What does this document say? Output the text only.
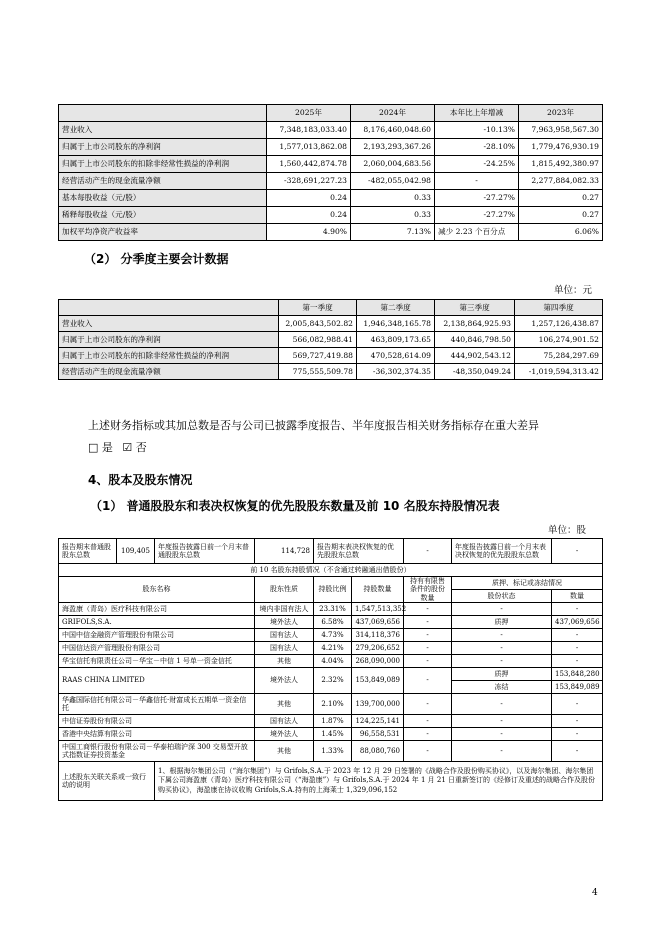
	2025年	2024年	本年比上年增减	2023年
营业收入	7,348,183,033.40	8,176,460,048.60	-10.13%	7,963,958,567.30
归属于上市公司股东的净利润	1,577,013,862.08	2,193,293,367.26	-28.10%	1,779,476,930.19
归属于上市公司股东的扣除非经常性损益的净利润	1,560,442,874.78	2,060,004,683.56	-24.25%	1,815,492,380.97
经营活动产生的现金流量净额	-328,691,227.23	-482,055,042.98	-	2,277,884,082.33
基本每股收益（元/股）	0.24	0.33	-27.27%	0.27
稀释每股收益（元/股）	0.24	0.33	-27.27%	0.27
加权平均净资产收益率	4.90%	7.13%	减少 2.23 个百分点	6.06%
（2） 分季度主要会计数据
单位：元
	第一季度	第二季度	第三季度	第四季度
营业收入	2,005,843,502.82	1,946,348,165.78	2,138,864,925.93	1,257,126,438.87
归属于上市公司股东的净利润	566,082,988.41	463,809,173.65	440,846,798.50	106,274,901.52
归属于上市公司股东的扣除非经常性损益的净利润	569,727,419.88	470,528,614.09	444,902,543.12	75,284,297.69
经营活动产生的现金流量净额	775,555,509.78	-36,302,374.35	-48,350,049.24	-1,019,594,313.42
上述财务指标或其加总数是否与公司已披露季度报告、半年度报告相关财务指标存在重大差异
□ 是 ☑ 否
4、股本及股东情况
（1） 普通股股东和表决权恢复的优先股股东数量及前 10 名股东持股情况表
单位：股
报告期末普通股股东总数	109,405	年度报告披露日前一个月末普通股股东总数	114,728	报告期末表决权恢复的优先股股东总数		-	年度报告披露日前一个月末表决权恢复的优先股股东总数	-
前 10 名股东持股情况（不含通过转融通出借股份）								
股东名称			股东性质	持股比例	持股数量	持有有限售条件的股份数量	质押、标记或冻结情况	
							股份状态	数量
海盈康（青岛）医疗科技有限公司			境内非国有法人	23.31%	1,547,513,352	-	-	-
GRIFOLS,S.A.			境外法人	6.58%	437,069,656	-	质押	437,069,656
中国中信金融资产管理股份有限公司			国有法人	4.73%	314,118,376	-	-	-
中国信达资产管理股份有限公司			国有法人	4.21%	279,206,652	-	-	-
华宝信托有限责任公司－华宝－中信 1 号单一资金信托			其他	4.04%	268,090,000	-	-	-
RAAS CHINA LIMITED			境外法人	2.32%	153,849,089	-	质押	153,848,280
							冻结	153,849,089
华鑫国际信托有限公司－华鑫信托·财富成长五期单一资金信托			其他	2.10%	139,700,000	-	-	-
中信证券股份有限公司			国有法人	1.87%	124,225,141	-	-	-
香港中央结算有限公司			境外法人	1.45%	96,558,531	-	-	-
中国工商银行股份有限公司－华泰柏瑞沪深 300 交易型开放式指数证券投资基金			其他	1.33%	88,080,760	-	-	-
上述股东关联关系或一致行动的说明		1、根据海尔集团公司（“海尔集团”）与 Grifols,S.A.于 2023 年 12 月 29 日签署的《战略合作及股份购买协议》，以及海尔集团、海尔集团下属公司海盈康（青岛）医疗科技有限公司（“海盈康”）与 Grifols,S.A.于 2024 年 1 月 21 日重新签订的《经修订及重述的战略合作及股份购买协议》，海盈康在协议收购 Grifols,S.A.持有的上海莱士 1,329,096,152						
4
